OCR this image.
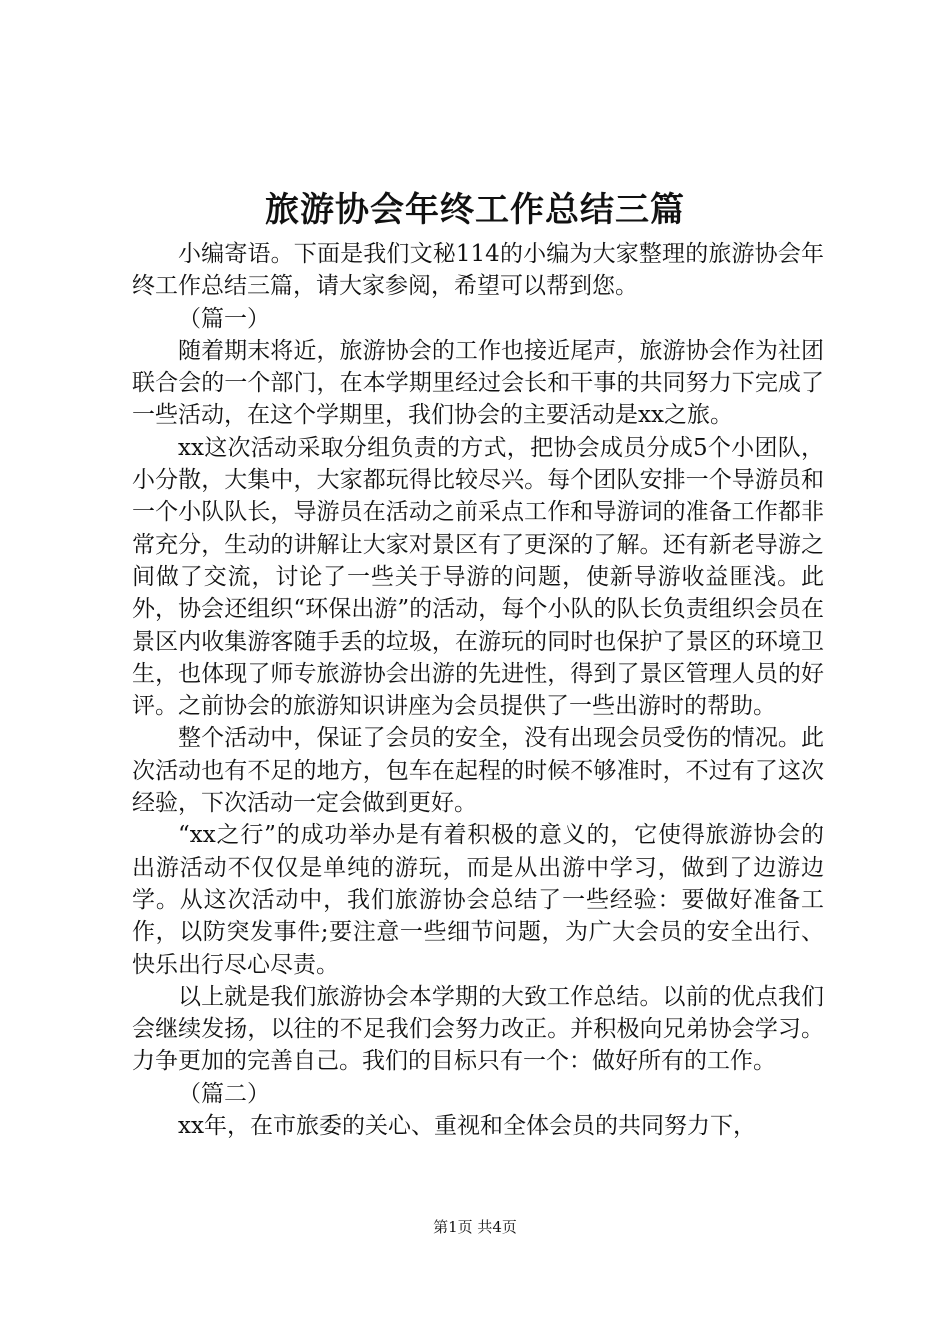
旅游协会年终工作总结三篇

小编寄语。下面是我们文秘114的小编为大家整理的旅游协会年终工作总结三篇，请大家参阅，希望可以帮到您。

（篇一）

随着期末将近，旅游协会的工作也接近尾声，旅游协会作为社团联合会的一个部门，在本学期里经过会长和干事的共同努力下完成了一些活动，在这个学期里，我们协会的主要活动是xx之旅。

xx这次活动采取分组负责的方式，把协会成员分成5个小团队，小分散，大集中，大家都玩得比较尽兴。每个团队安排一个导游员和一个小队队长，导游员在活动之前采点工作和导游词的准备工作都非常充分，生动的讲解让大家对景区有了更深的了解。还有新老导游之间做了交流，讨论了一些关于导游的问题，使新导游收益匪浅。此外，协会还组织“环保出游”的活动，每个小队的队长负责组织会员在景区内收集游客随手丢的垃圾，在游玩的同时也保护了景区的环境卫生，也体现了师专旅游协会出游的先进性，得到了景区管理人员的好评。之前协会的旅游知识讲座为会员提供了一些出游时的帮助。

整个活动中，保证了会员的安全，没有出现会员受伤的情况。此次活动也有不足的地方，包车在起程的时候不够准时，不过有了这次经验，下次活动一定会做到更好。

“xx之行”的成功举办是有着积极的意义的，它使得旅游协会的出游活动不仅仅是单纯的游玩，而是从出游中学习，做到了边游边学。从这次活动中，我们旅游协会总结了一些经验：要做好准备工作，以防突发事件;要注意一些细节问题，为广大会员的安全出行、快乐出行尽心尽责。

以上就是我们旅游协会本学期的大致工作总结。以前的优点我们会继续发扬，以往的不足我们会努力改正。并积极向兄弟协会学习。力争更加的完善自己。我们的目标只有一个：做好所有的工作。

（篇二）

xx年，在市旅委的关心、重视和全体会员的共同努力下，

第1页 共4页
